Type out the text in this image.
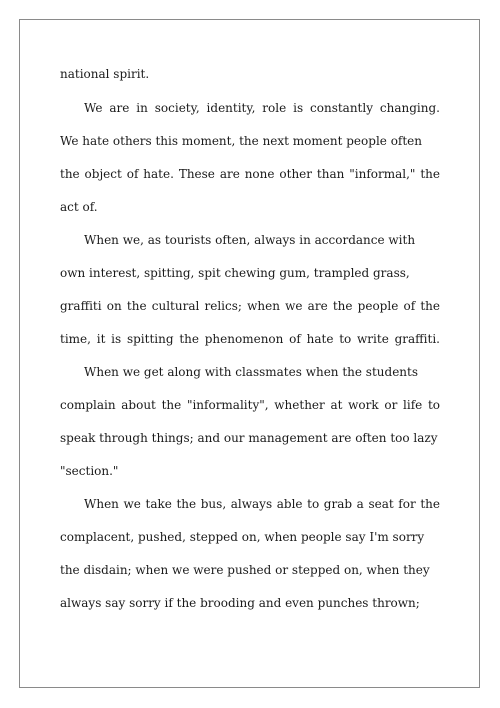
national spirit.
We are in society, identity, role is constantly changing.
We hate others this moment, the next moment people often
the object of hate. These are none other than "informal," the
act of.
When we, as tourists often, always in accordance with
own interest, spitting, spit chewing gum, trampled grass,
graffiti on the cultural relics; when we are the people of the
time, it is spitting the phenomenon of hate to write graffiti.
When we get along with classmates when the students
complain about the "informality", whether at work or life to
speak through things; and our management are often too lazy
"section."
When we take the bus, always able to grab a seat for the
complacent, pushed, stepped on, when people say I'm sorry
the disdain; when we were pushed or stepped on, when they
always say sorry if the brooding and even punches thrown;
